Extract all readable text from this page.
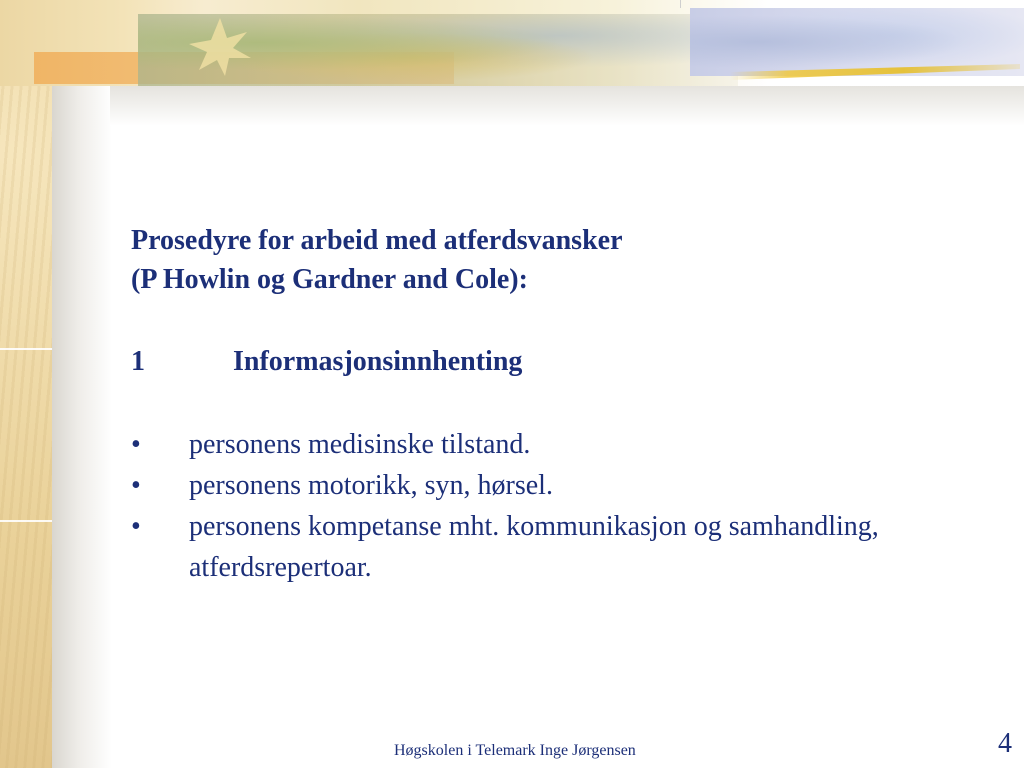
Prosedyre for arbeid med atferdsvansker
(P Howlin og Gardner and Cole):
1	Informasjonsinnhenting
•	personens medisinske tilstand.
•	personens motorikk, syn, hørsel.
•	personens kompetanse mht. kommunikasjon og samhandling, atferdsrepertoar.
Høgskolen i Telemark Inge Jørgensen	4
